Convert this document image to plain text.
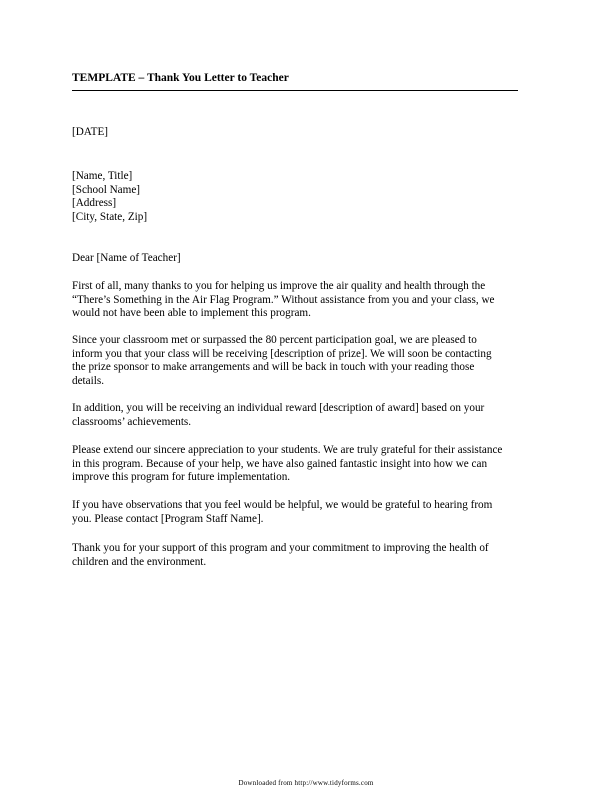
TEMPLATE – Thank You Letter to Teacher
[DATE]
[Name, Title]
[School Name]
[Address]
[City, State, Zip]
Dear [Name of Teacher]
First of all, many thanks to you for helping us improve the air quality and health through the
“There’s Something in the Air Flag Program.” Without assistance from you and your class, we
would not have been able to implement this program.
Since your classroom met or surpassed the 80 percent participation goal, we are pleased to
inform you that your class will be receiving [description of prize]. We will soon be contacting
the prize sponsor to make arrangements and will be back in touch with your reading those
details.
In addition, you will be receiving an individual reward [description of award] based on your
classrooms’ achievements.
Please extend our sincere appreciation to your students. We are truly grateful for their assistance
in this program. Because of your help, we have also gained fantastic insight into how we can
improve this program for future implementation.
If you have observations that you feel would be helpful, we would be grateful to hearing from
you. Please contact [Program Staff Name].
Thank you for your support of this program and your commitment to improving the health of
children and the environment.
Downloaded from http://www.tidyforms.com
